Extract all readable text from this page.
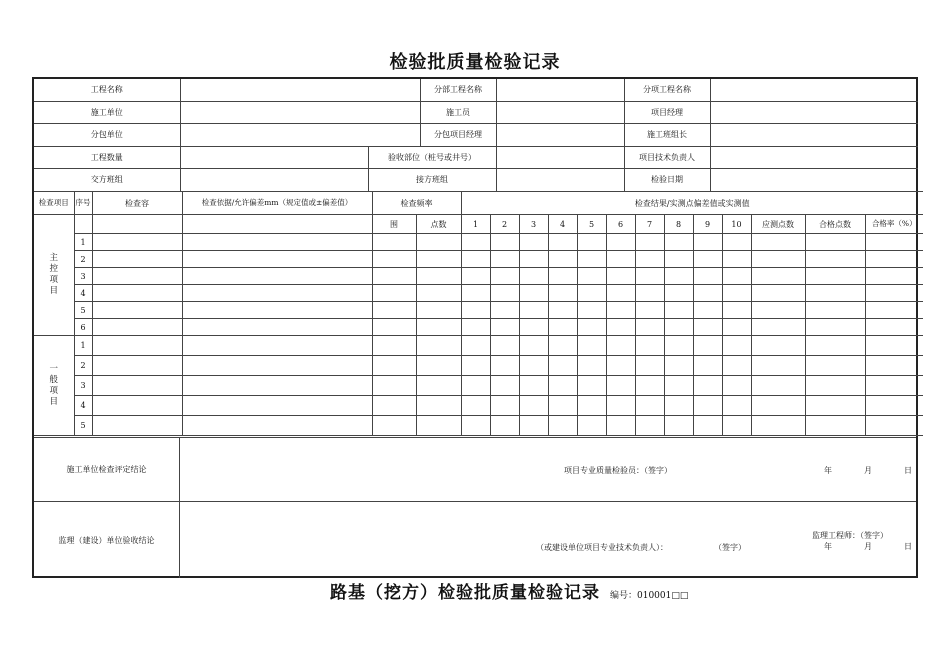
检验批质量检验记录
工程名称		分部工程名称		分项工程名称	
施工单位		施工员		项目经理	
分包单位		分包项目经理		施工班组长	
工程数量		验收部位（桩号或井号）		项目技术负责人	
交方班组		接方班组		检验日期	
检查项目	序号	检查容	检查依据/允许偏差mm（规定值或±偏差值）	检查频率		检查结果/实测点偏差值或实测值												
主控项目				围	点数	1	2	3	4	5	6	7	8	9	10	应测点数	合格点数	合格率（%）
	1																	
	2																	
	3																	
	4																	
	5																	
	6																	
一般项目	1																	
	2																	
	3																	
	4																	
	5																	
施工单位检查评定结论	项目专业质量检验员：（签字）	年	月	日
监理（建设）单位验收结论	监理工程师：（签字）
（或建设单位项目专业技术负责人）：	（签字）	年	月	日
路基（挖方）检验批质量检验记录 编号：010001□□
